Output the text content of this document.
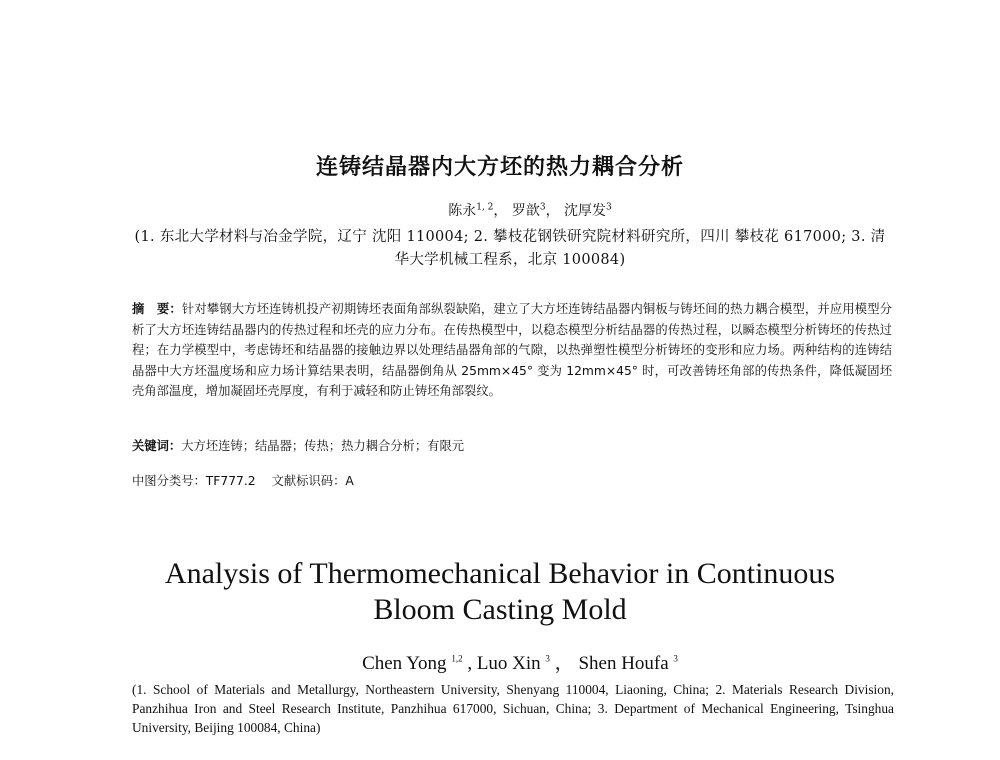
连铸结晶器内大方坯的热力耦合分析
陈永$^{1, 2}$， 罗歆$^3$， 沈厚发$^3$
(1. 东北大学材料与冶金学院，辽宁 沈阳 110004; 2. 攀枝花钢铁研究院材料研究所，四川 攀枝花 617000; 3. 清华大学机械工程系，北京 100084)
摘　要：针对攀钢大方坯连铸机投产初期铸坯表面角部纵裂缺陷，建立了大方坯连铸结晶器内铜板与铸坯间的热力耦合模型，并应用模型分析了大方坯连铸结晶器内的传热过程和坯壳的应力分布。在传热模型中，以稳态模型分析结晶器的传热过程，以瞬态模型分析铸坯的传热过程；在力学模型中，考虑铸坯和结晶器的接触边界以处理结晶器角部的气隙，以热弹塑性模型分析铸坯的变形和应力场。两种结构的连铸结晶器中大方坯温度场和应力场计算结果表明，结晶器倒角从 25mm×45° 变为 12mm×45° 时，可改善铸坯角部的传热条件，降低凝固坯壳角部温度，增加凝固坯壳厚度，有利于减轻和防止铸坯角部裂纹。
关键词：大方坯连铸；结晶器；传热；热力耦合分析；有限元
中图分类号：TF777.2 文献标识码：A
Analysis of Thermomechanical Behavior in Continuous
Bloom Casting Mold
Chen Yong $^{1,2}$ , Luo Xin $^3$ ， Shen Houfa $^3$
(1. School of Materials and Metallurgy, Northeastern University, Shenyang 110004, Liaoning, China; 2. Materials Research Division, Panzhihua Iron and Steel Research Institute, Panzhihua 617000, Sichuan, China; 3. Department of Mechanical Engineering, Tsinghua University, Beijing 100084, China)
